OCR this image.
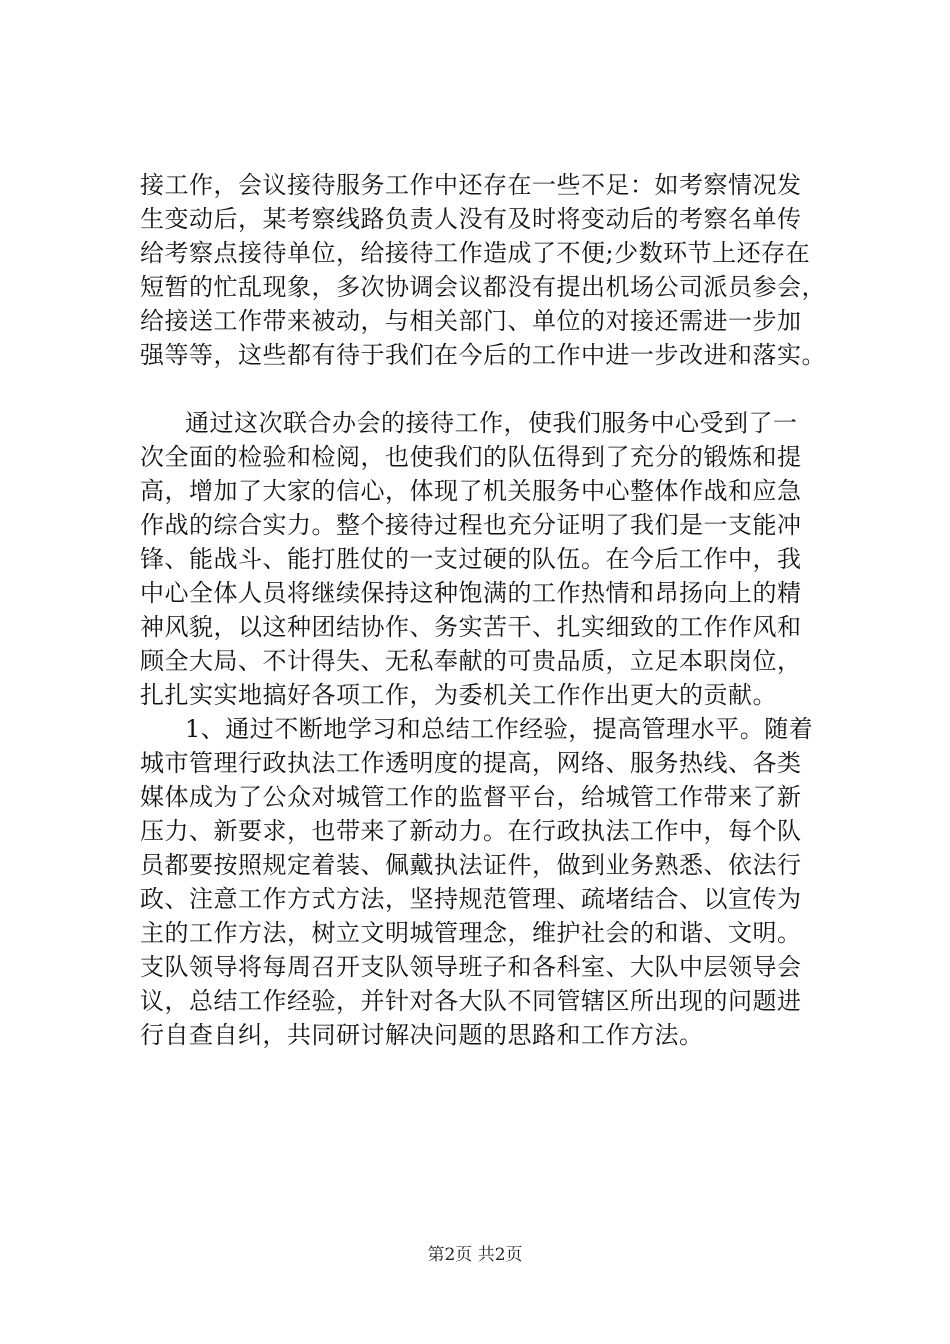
接工作，会议接待服务工作中还存在一些不足：如考察情况发
生变动后，某考察线路负责人没有及时将变动后的考察名单传
给考察点接待单位，给接待工作造成了不便;少数环节上还存在
短暂的忙乱现象，多次协调会议都没有提出机场公司派员参会，
给接送工作带来被动，与相关部门、单位的对接还需进一步加
强等等，这些都有待于我们在今后的工作中进一步改进和落实。
通过这次联合办会的接待工作，使我们服务中心受到了一
次全面的检验和检阅，也使我们的队伍得到了充分的锻炼和提
高，增加了大家的信心，体现了机关服务中心整体作战和应急
作战的综合实力。整个接待过程也充分证明了我们是一支能冲
锋、能战斗、能打胜仗的一支过硬的队伍。在今后工作中，我
中心全体人员将继续保持这种饱满的工作热情和昂扬向上的精
神风貌，以这种团结协作、务实苦干、扎实细致的工作作风和
顾全大局、不计得失、无私奉献的可贵品质，立足本职岗位，
扎扎实实地搞好各项工作，为委机关工作作出更大的贡献。
1、通过不断地学习和总结工作经验，提高管理水平。随着
城市管理行政执法工作透明度的提高，网络、服务热线、各类
媒体成为了公众对城管工作的监督平台，给城管工作带来了新
压力、新要求，也带来了新动力。在行政执法工作中，每个队
员都要按照规定着装、佩戴执法证件，做到业务熟悉、依法行
政、注意工作方式方法，坚持规范管理、疏堵结合、以宣传为
主的工作方法，树立文明城管理念，维护社会的和谐、文明。
支队领导将每周召开支队领导班子和各科室、大队中层领导会
议，总结工作经验，并针对各大队不同管辖区所出现的问题进
行自查自纠，共同研讨解决问题的思路和工作方法。
第2页 共2页
